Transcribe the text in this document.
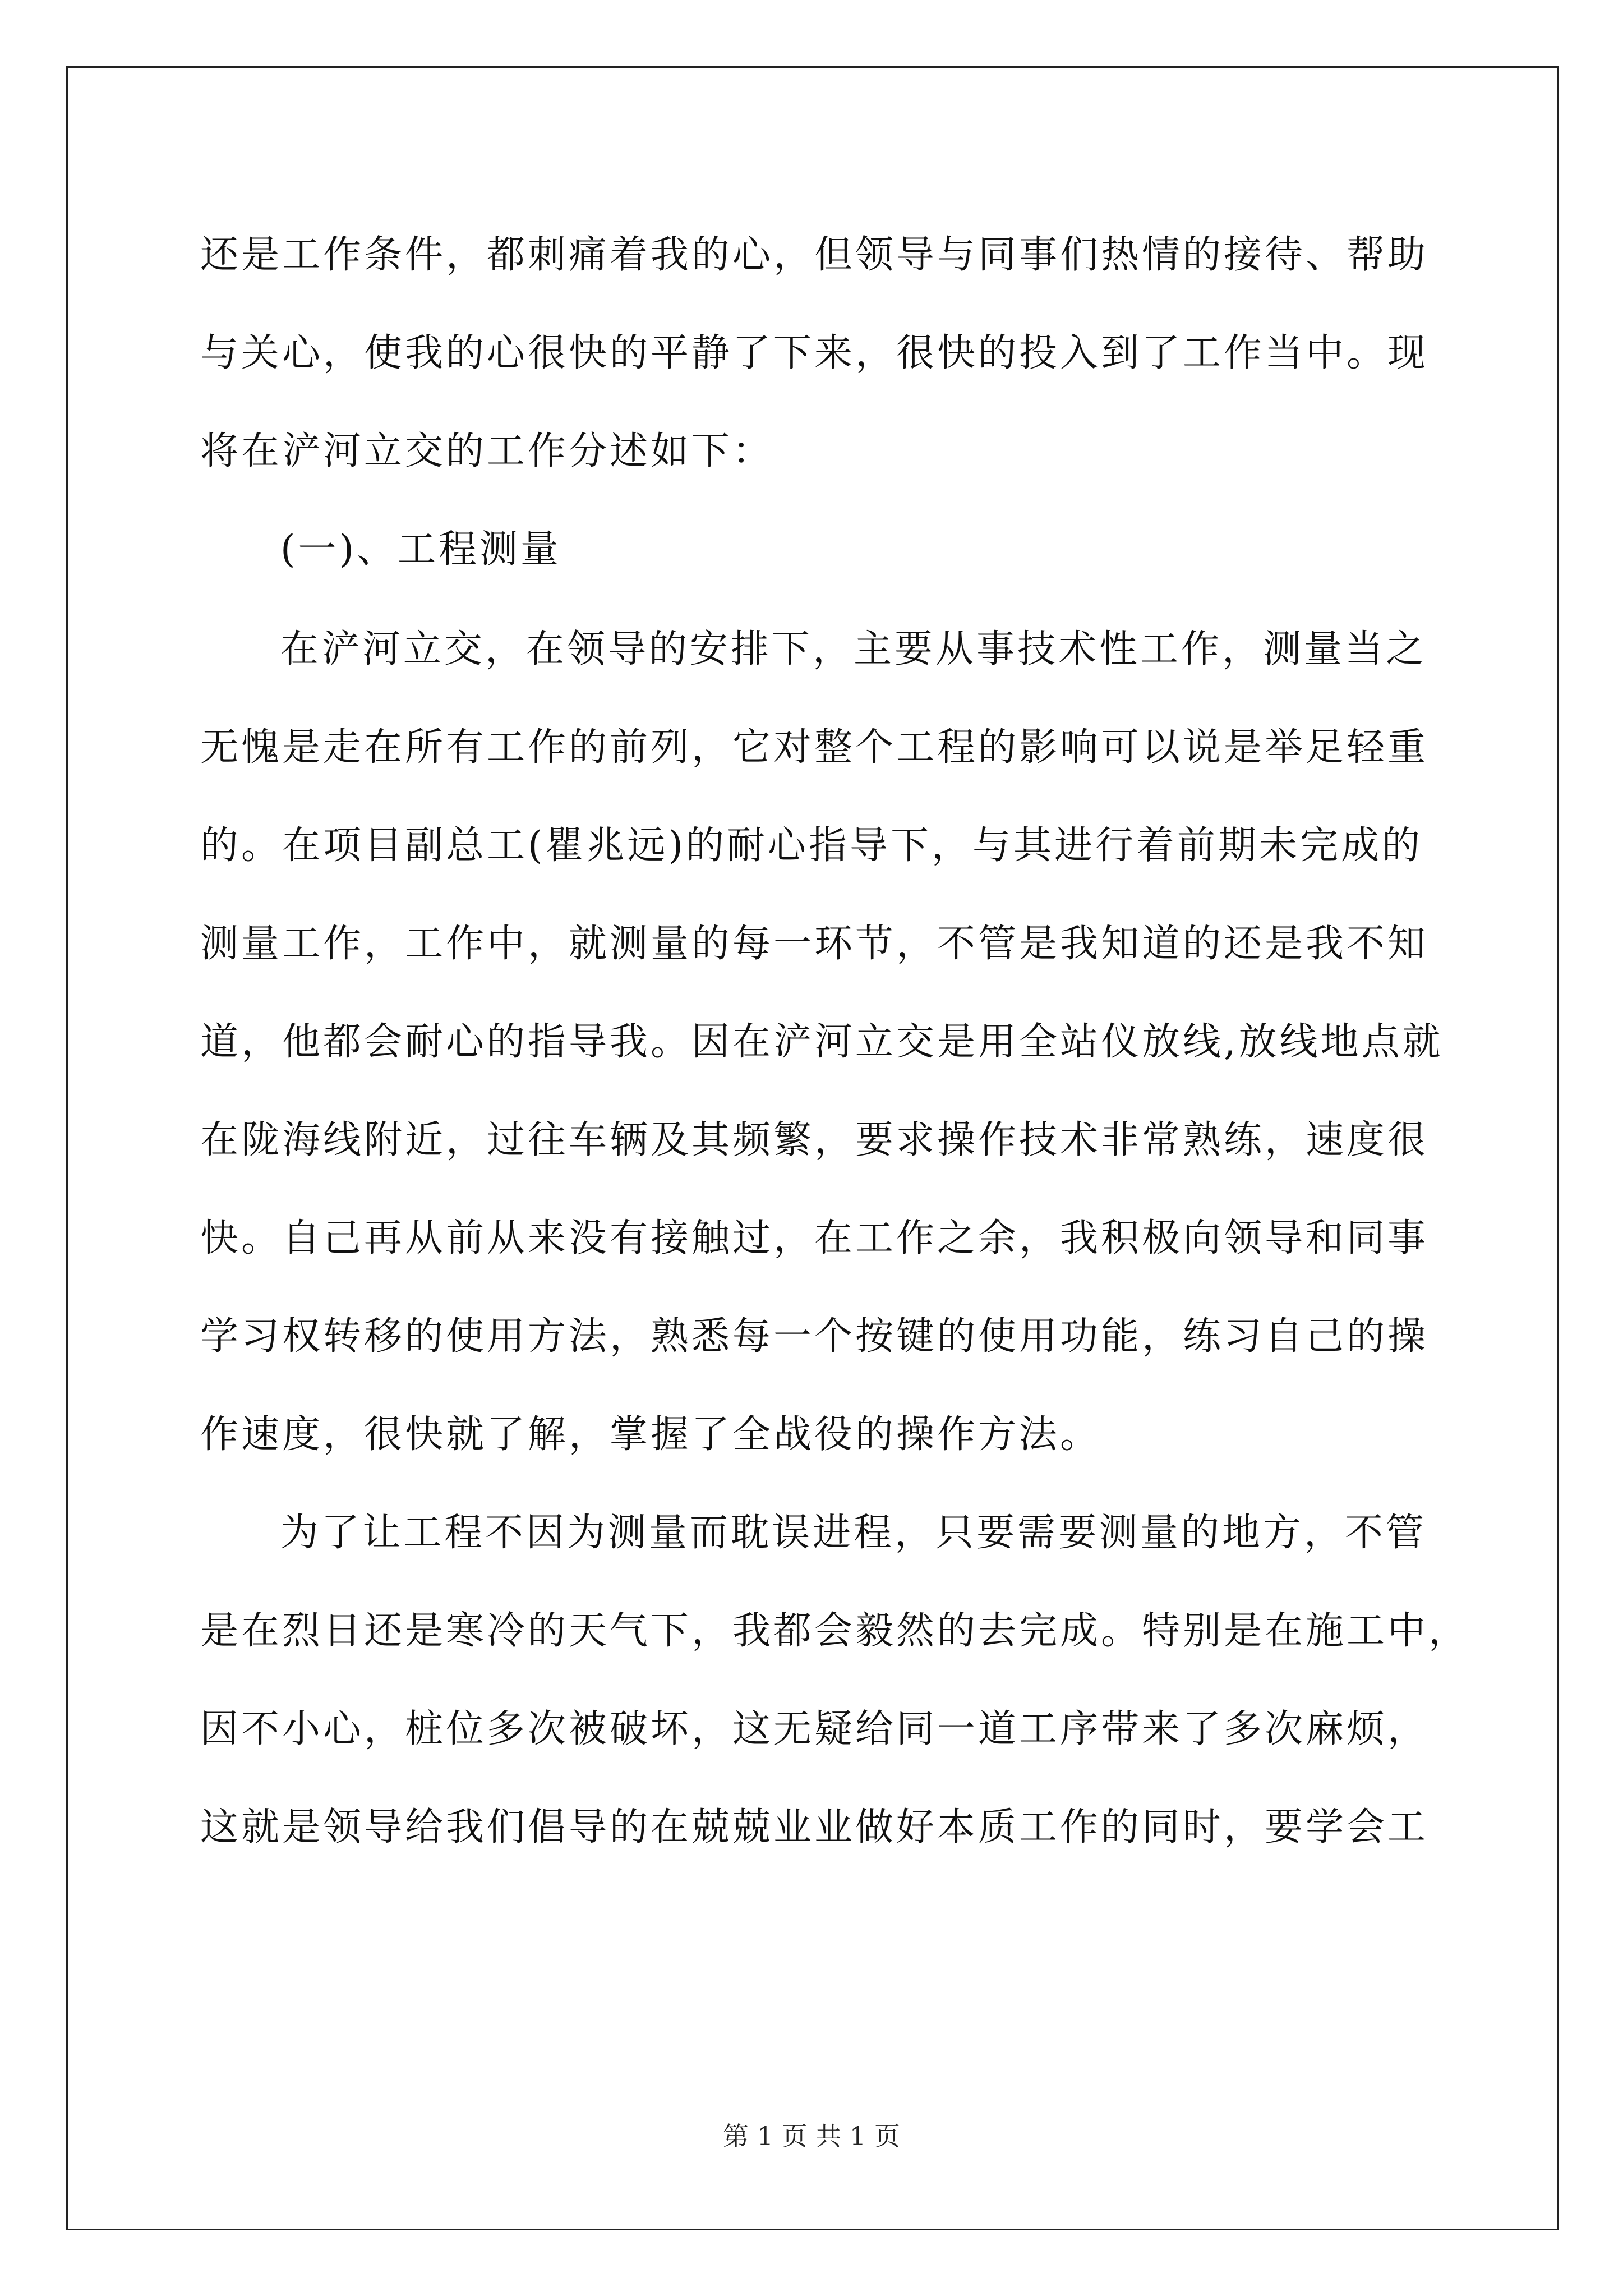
还是工作条件，都刺痛着我的心，但领导与同事们热情的接待、帮助
与关心，使我的心很快的平静了下来，很快的投入到了工作当中。现
将在浐河立交的工作分述如下：
(一)、工程测量
在浐河立交，在领导的安排下，主要从事技术性工作，测量当之
无愧是走在所有工作的前列，它对整个工程的影响可以说是举足轻重
的。在项目副总工(瞿兆远)的耐心指导下，与其进行着前期未完成的
测量工作，工作中，就测量的每一环节，不管是我知道的还是我不知
道，他都会耐心的指导我。因在浐河立交是用全站仪放线,放线地点就
在陇海线附近，过往车辆及其频繁，要求操作技术非常熟练，速度很
快。自己再从前从来没有接触过，在工作之余，我积极向领导和同事
学习权转移的使用方法，熟悉每一个按键的使用功能，练习自己的操
作速度，很快就了解，掌握了全战役的操作方法。
为了让工程不因为测量而耽误进程，只要需要测量的地方，不管
是在烈日还是寒冷的天气下，我都会毅然的去完成。特别是在施工中，
因不小心，桩位多次被破坏，这无疑给同一道工序带来了多次麻烦，
这就是领导给我们倡导的在兢兢业业做好本质工作的同时，要学会工
第 1 页 共 1 页
